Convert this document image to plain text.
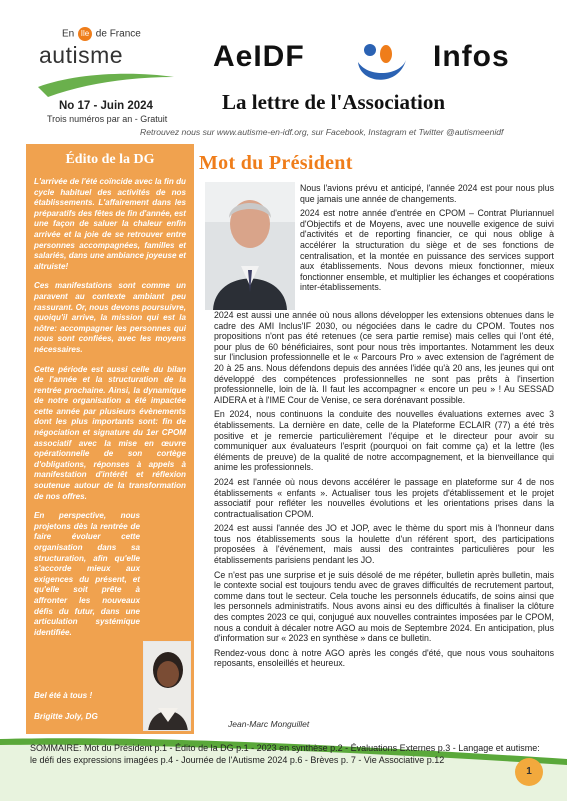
En Ile de France
autisme
No 17 - Juin 2024
Trois numéros par an - Gratuit
AeIDF	Infos
La lettre de l'Association
Retrouvez nous sur www.autisme-en-idf.org, sur Facebook, Instagram et Twitter @autismeenidf
Édito de la DG

L'arrivée de l'été coïncide avec la fin du cycle habituel des activités de nos établissements. L'affairement dans les préparatifs des fêtes de fin d'année, est une façon de saluer la chaleur enfin arrivée et la joie de se retrouver entre personnes accompagnées, familles et salariés, dans une ambiance joyeuse et altruiste!

Ces manifestations sont comme un paravent au contexte ambiant peu rassurant. Or, nous devons poursuivre, quoiqu'il arrive, la mission qui est la nôtre: accompagner les personnes qui nous sont confiées, avec les moyens nécessaires.

Cette période est aussi celle du bilan de l'année et la structuration de la rentrée prochaine. Ainsi, la dynamique de notre organisation a été impactée cette année par plusieurs évènements dont les plus importants sont: fin de négociation et signature du 1er CPOM associatif avec la mise en œuvre opérationnelle de son cortège d'obligations, réponses à appels à manifestation d'intérêt et réflexion soutenue autour de la transformation de nos offres.

En perspective, nous projetons dès la rentrée de faire évoluer cette organisation dans sa structuration, afin qu'elle s'accorde mieux aux exigences du présent, et qu'elle soit prête à affronter les nouveaux défis du futur, dans une articulation systémique identifiée.

Bel été à tous !
Brigitte Joly, DG
Mot du Président

Nous l'avions prévu et anticipé, l'année 2024 est pour nous plus que jamais une année de changements.

2024 est notre année d'entrée en CPOM – Contrat Pluriannuel d'Objectifs et de Moyens, avec une nouvelle exigence de suivi d'activités et de reporting financier, ce qui nous oblige à accélérer la structuration du siège et de ses fonctions de centralisation, et la montée en puissance des services support aux établissements. Nous devons mieux fonctionner, mieux fonctionner ensemble, et multiplier les échanges et coopérations inter-établissements.

2024 est aussi une année où nous allons développer les extensions obtenues dans le cadre des AMI Inclus'IF 2030, ou négociées dans le cadre du CPOM. Toutes nos propositions n'ont pas été retenues (ce sera partie remise) mais celles qui l'ont été, pour plus de 60 bénéficiaires, sont pour nous très importantes. Notamment les deux sur l'inclusion professionnelle et le « Parcours Pro » avec extension de l'agrément de 20 à 25 ans. Nous défendons depuis des années l'idée qu'à 20 ans, les jeunes qui ont développé des compétences professionnelles ne sont pas prêts à l'insertion professionnelle, loin de là. Il faut les accompagner « encore un peu » ! Au SESSAD AIDERA et à l'IME Cour de Venise, ce sera dorénavant possible.

En 2024, nous continuons la conduite des nouvelles évaluations externes avec 3 établissements. La dernière en date, celle de la Plateforme ECLAIR (77) a été très positive et je remercie particulièrement l'équipe et le directeur pour avoir su communiquer aux évaluateurs l'esprit (pourquoi on fait comme ça) et la lettre (les éléments de preuve) de la qualité de notre accompagnement, et la bienveillance qui anime les professionnels.

2024 est l'année où nous devons accélérer le passage en plateforme sur 4 de nos établissements « enfants ». Actualiser tous les projets d'établissement et le projet associatif pour refléter les nouvelles évolutions et les orientations prises dans la contractualisation CPOM.

2024 est aussi l'année des JO et JOP, avec le thème du sport mis à l'honneur dans tous nos établissements sous la houlette d'un référent sport, des participations proposées à l'événement, mais aussi des contraintes particulières pour les établissements parisiens pendant les JO.

Ce n'est pas une surprise et je suis désolé de me répéter, bulletin après bulletin, mais le contexte social est toujours tendu avec de graves difficultés de recrutement partout, comme dans tout le secteur. Cela touche les personnels éducatifs, de soins ainsi que les personnels administratifs. Nous avons ainsi eu des difficultés à finaliser la clôture des comptes 2023 ce qui, conjugué aux nouvelles contraintes imposées par le CPOM, nous a conduit à décaler notre AGO au mois de Septembre 2024. En anticipation, plus d'information sur « 2023 en synthèse » dans ce bulletin.

Rendez-vous donc à notre AGO après les congés d'été, que nous vous souhaitons reposants, ensoleillés et heureux.

Jean-Marc Monguillet
SOMMAIRE: Mot du Président p.1 - Édito de la DG p.1 - 2023 en synthèse p.2 - Évaluations Externes p.3 - Langage et autisme: le défi des expressions imagées p.4 - Journée de l'Autisme 2024 p.6 - Brèves p. 7 - Vie Associative p.12
1
